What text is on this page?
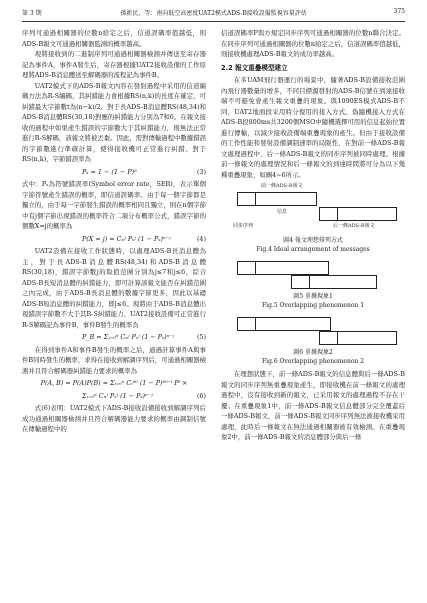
第 3 期	孫新民，等：南向低空高密度UAT2模式ADS-B接收設備監視容量評估	375

序列可通過相關器的位數n給定之后，信道誤碼率值越低，則ADS-B報文可通過相關器監測的概率越高。

現將接收到的二進制序列可通過相關器檢測并傳送至寄存器記為事件A，事件A發生后，寄存器根據UAT2接收設備的工作原理將ADS-B消息體送至解碼器的流程記為事件B。

UAT2模式下的ADS-B報文內容在發射過程中采用的信道編碼方法為R-S編碼，其糾錯能力會根據RS(n,k)的長度在確定，可糾錯最大字節數t為(n−k)/2，對于長ADS-B消息體RS(48,34)和ADS-B消息體RS(30,18)對應的糾錯能力分別為7和6。在報文接收的過程中如果產生錯誤的字節數大于其糾錯能力，則無法正常進行R-S解碼，該報文將被丟棄。因此，需對傳輸過程中數據錯誤的字節數進行準確計算，使得接收機可正常進行糾錯。對于RS(n,k)，字節錯誤率為

Pₛ = 1 − (1 − P)⁸	(3)

式中：Pₛ為符號錯誤率(Symbol error rate，SER)，表示單個字節符號產生錯誤的概率，即信道誤碼率。由于每一個字節都是獨立的，由于每一字節發生錯誤的概率相同且獨立，則在n個字節中有j個字節出現錯誤的概率符合二項分布概率公式，錯誤字節的個數X=j的概率為

P(X = j) = Cₙʲ Pₛʲ (1 − Pₛ)ⁿ⁻ʲ	(4)

UAT2設備在接收工作狀態時，以處理ADS-B長消息體為主，對于長ADS-B消息體RS(48,34)和ADS-B消息體RS(30,18)，錯誤字節數j的取值范圍分別為j≤7和j≤6，綜合ADS-B長短消息體的糾錯能力，即可計算該報文能否在糾錯范圍之內完成，由于ADS-B長消息體的數據字節更多，因此以基礎ADS-B短消息體的糾錯能力，即j≤6。現將由于ADS-B消息體出現錯誤字節數不大于其R-S糾錯能力，UAT2接收設備可正常進行R-S解碼記為事件B，事件B發生的概率為

P_B = Σⱼ₌₀⁶ Cₙʲ Pₛʲ (1 − Pₛ)ⁿ⁻ʲ	(5)

在得到事件A和事件B發生的概率之后，通過計算事件A與事件B同時發生的概率，求得在接收到解調序列后，可通過相關器檢測并且符合解碼器糾錯能力要求的概率為

P(A, B) = P(A)P(B) = Σᵢ₌₀ⁿ Cᵢ⁸⁰ (1 − P)⁸⁰⁻ⁱ Pⁱ ×
Σⱼ₌₀⁶ Cₙʲ Pₛʲ (1 − Pₛ)ⁿ⁻ʲ	(6)

式(6)表明：UAT2模式下ADS-B接收設備接收到解調序列后成功通過相關器檢測并且符合解碼器能力要求的概率由調制信號在傳輸過程中的

信道誤碼率P與方規定同步序列可通過相關器的位數n聯合決定。在同步序列可通過相關器的位數n給定之后，信道誤碼率值越低，則接收機處理ADS-B報文的成功率越高。

2.2 報文重疊模型建立

在多UAM飛行器運行的場景中，隨著ADS-B設備接收范圍內飛行器數量的增多，不同目標源發射的ADS-B信號在到達接收端不可避免會產生報文重疊的現象。與1090ES模式ADS-B不同，UAT2地面段采用時分復用的接入方式。偽隨機接入方式在ADS-B段800ms共3200個MSO中隨機選擇可用的信息起始位置進行傳輸，以減少接收設備端重疊現象的產生。但由于接收設備的工作性能和發射設備調制速率的局限性，在對前一條ADS-B報文處理過程中，后一條ADS-B報文的同步序列被同時處理。根據前一條報文的處理情況和后一條報文的到達時間將可分為以下幾種重疊現象，如圖4~6所示。

前一條ADS-B報文
同步序列
信息
后一條ADS-B報文
圖4 報文理想排列方式
Fig.4 Ideal arrangement of messages
圖5 重疊現象1
Fig.5 Overlapping phenomenon 1
圖6 重疊現象2
Fig.6 Overlapping phenomenon 2

在理想狀態下，前一條ADS-B報文的信息體與后一條ADS-B報文的同步序列無重疊現象產生，即接收機在前一條報文的處理過程中，沒有接收到新的報文，已采用報文的處理過程不存在干擾；在重疊現象1中，前一條ADS-B報文信息體部分完全覆蓋后一條ADS-B報文，前一條ADS-B報文同步序列無法被接收機采用處理，此時后一條報文在無法通過相關器被有效檢測。在重疊現象2中，前一條ADS-B報文的消息體部分與后一條
